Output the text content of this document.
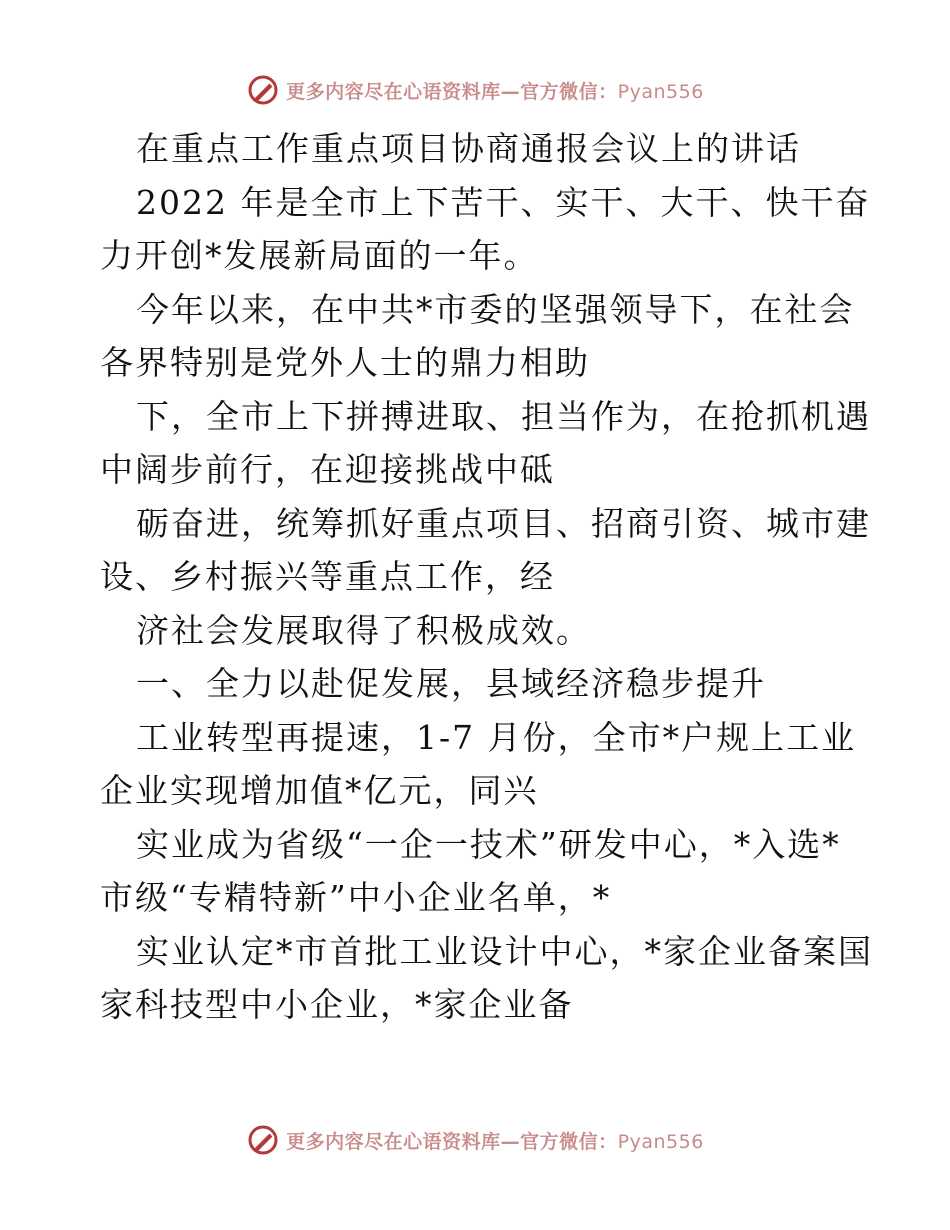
更多内容尽在心语资料库—官方微信：Pyan556
在重点工作重点项目协商通报会议上的讲话
2022 年是全市上下苦干、实干、大干、快干奋
力开创*发展新局面的一年。
今年以来，在中共*市委的坚强领导下，在社会
各界特别是党外人士的鼎力相助
下，全市上下拼搏进取、担当作为，在抢抓机遇
中阔步前行，在迎接挑战中砥
砺奋进，统筹抓好重点项目、招商引资、城市建
设、乡村振兴等重点工作，经
济社会发展取得了积极成效。
一、全力以赴促发展，县域经济稳步提升
工业转型再提速，1-7 月份，全市*户规上工业
企业实现增加值*亿元，同兴
实业成为省级“一企一技术”研发中心，*入选*
市级“专精特新”中小企业名单，*
实业认定*市首批工业设计中心，*家企业备案国
家科技型中小企业，*家企业备
更多内容尽在心语资料库—官方微信：Pyan556
